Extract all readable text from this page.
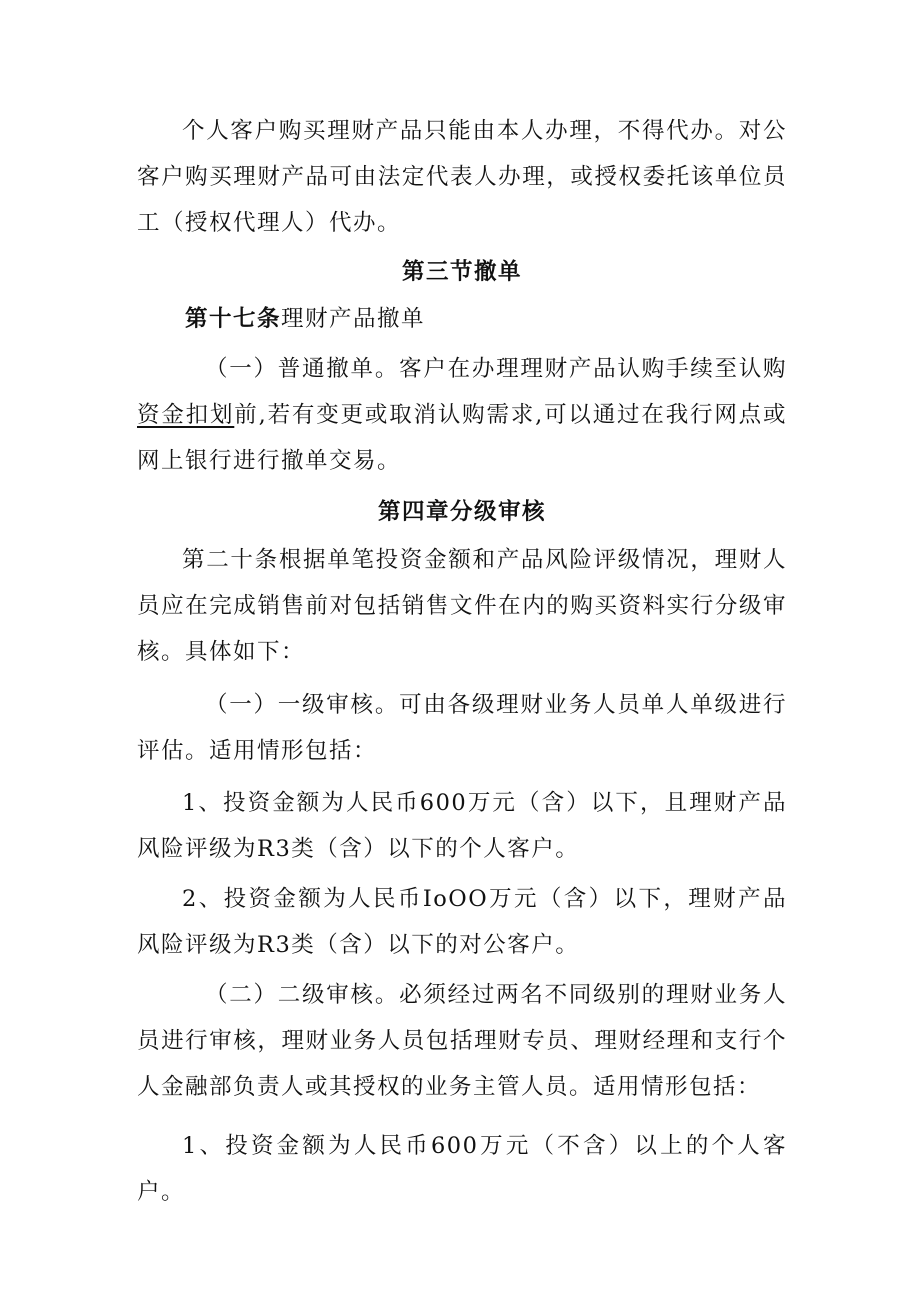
个人客户购买理财产品只能由本人办理，不得代办。对公客户购买理财产品可由法定代表人办理，或授权委托该单位员工（授权代理人）代办。

第三节撤单

第十七条理财产品撤单

（一）普通撤单。客户在办理理财产品认购手续至认购资金扣划前,若有变更或取消认购需求,可以通过在我行网点或网上银行进行撤单交易。

第四章分级审核

第二十条根据单笔投资金额和产品风险评级情况，理财人员应在完成销售前对包括销售文件在内的购买资料实行分级审核。具体如下：

（一）一级审核。可由各级理财业务人员单人单级进行评估。适用情形包括：

1、投资金额为人民币600万元（含）以下，且理财产品风险评级为R3类（含）以下的个人客户。

2、投资金额为人民币IoOO万元（含）以下，理财产品风险评级为R3类（含）以下的对公客户。

（二）二级审核。必须经过两名不同级别的理财业务人员进行审核，理财业务人员包括理财专员、理财经理和支行个人金融部负责人或其授权的业务主管人员。适用情形包括：

1、投资金额为人民币600万元（不含）以上的个人客户。
